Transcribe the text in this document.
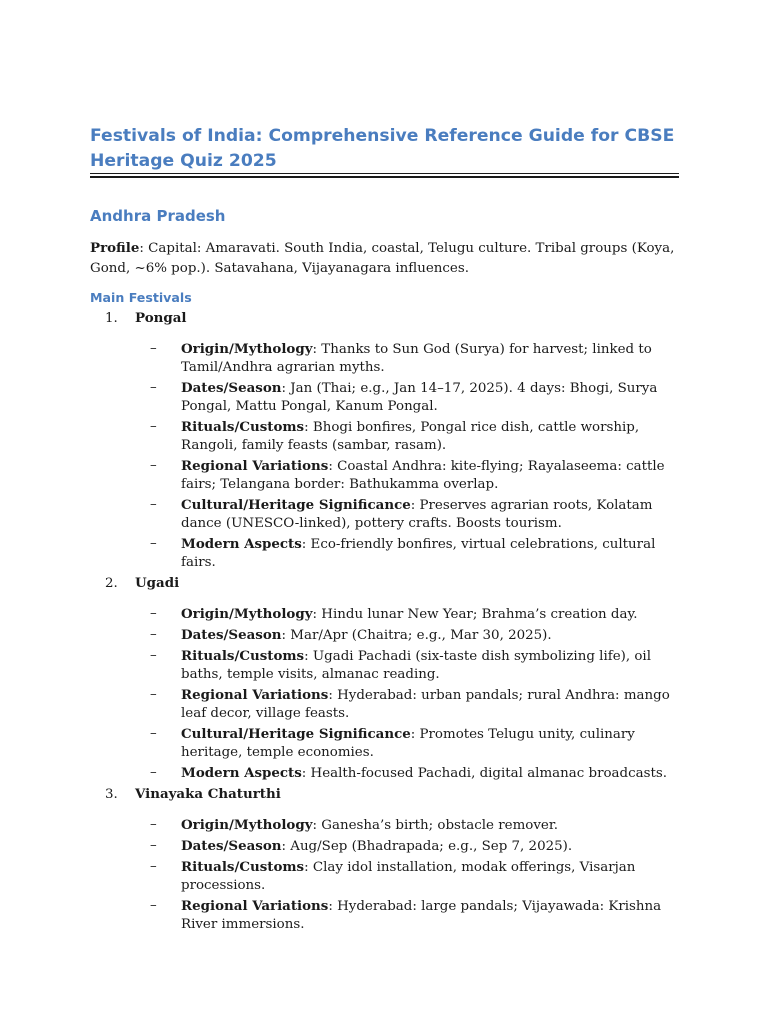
Festivals of India: Comprehensive Reference Guide for CBSE Heritage Quiz 2025
Andhra Pradesh

Profile: Capital: Amaravati. South India, coastal, Telugu culture. Tribal groups (Koya, Gond, ~6% pop.). Satavahana, Vijayanagara influences.

Main Festivals
1. Pongal
– Origin/Mythology: Thanks to Sun God (Surya) for harvest; linked to Tamil/Andhra agrarian myths.
– Dates/Season: Jan (Thai; e.g., Jan 14–17, 2025). 4 days: Bhogi, Surya Pongal, Mattu Pongal, Kanum Pongal.
– Rituals/Customs: Bhogi bonfires, Pongal rice dish, cattle worship, Rangoli, family feasts (sambar, rasam).
– Regional Variations: Coastal Andhra: kite-flying; Rayalaseema: cattle fairs; Telangana border: Bathukamma overlap.
– Cultural/Heritage Significance: Preserves agrarian roots, Kolatam dance (UNESCO-linked), pottery crafts. Boosts tourism.
– Modern Aspects: Eco-friendly bonfires, virtual celebrations, cultural fairs.
2. Ugadi
– Origin/Mythology: Hindu lunar New Year; Brahma’s creation day.
– Dates/Season: Mar/Apr (Chaitra; e.g., Mar 30, 2025).
– Rituals/Customs: Ugadi Pachadi (six-taste dish symbolizing life), oil baths, temple visits, almanac reading.
– Regional Variations: Hyderabad: urban pandals; rural Andhra: mango leaf decor, village feasts.
– Cultural/Heritage Significance: Promotes Telugu unity, culinary heritage, temple economies.
– Modern Aspects: Health-focused Pachadi, digital almanac broadcasts.
3. Vinayaka Chaturthi
– Origin/Mythology: Ganesha’s birth; obstacle remover.
– Dates/Season: Aug/Sep (Bhadrapada; e.g., Sep 7, 2025).
– Rituals/Customs: Clay idol installation, modak offerings, Visarjan processions.
– Regional Variations: Hyderabad: large pandals; Vijayawada: Krishna River immersions.
